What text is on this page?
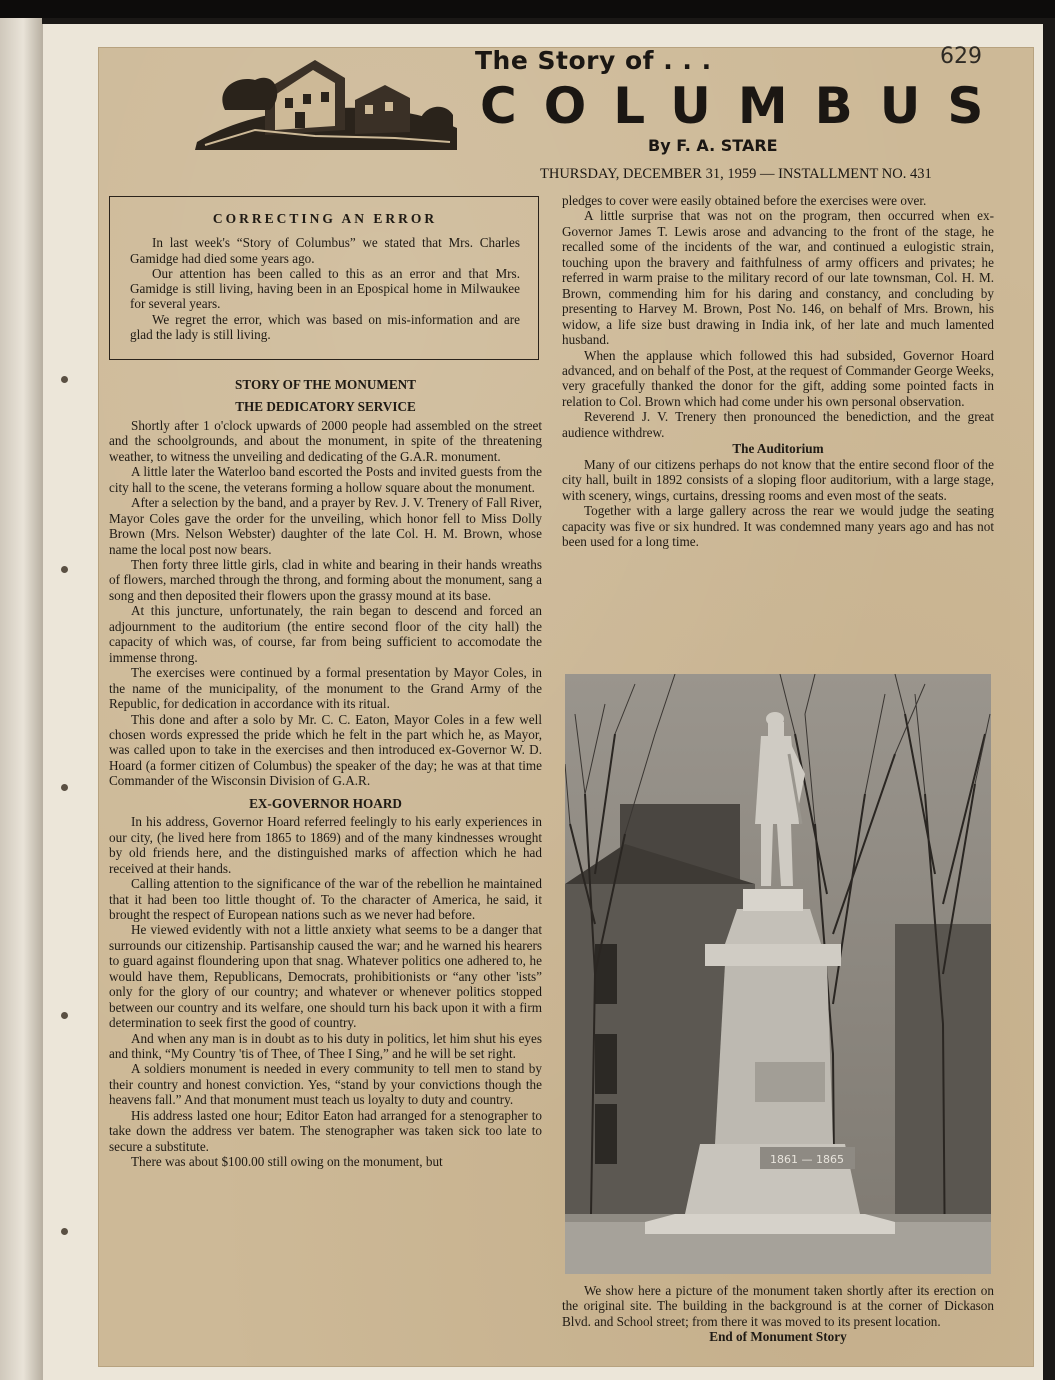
629
The Story of . . .
COLUMBUS
By F. A. STARE
THURSDAY, DECEMBER 31, 1959 — INSTALLMENT NO. 431
CORRECTING AN ERROR

In last week's “Story of Columbus” we stated that Mrs. Charles Gamidge had died some years ago.

Our attention has been called to this as an error and that Mrs. Gamidge is still living, having been in an Epospical home in Milwaukee for several years.

We regret the error, which was based on mis-information and are glad the lady is still living.

STORY OF THE MONUMENT

THE DEDICATORY SERVICE

Shortly after 1 o'clock upwards of 2000 people had assembled on the street and the schoolgrounds, and about the monument, in spite of the threatening weather, to witness the unveiling and dedicating of the G.A.R. monument.

A little later the Waterloo band escorted the Posts and invited guests from the city hall to the scene, the veterans forming a hollow square about the monument.

After a selection by the band, and a prayer by Rev. J. V. Trenery of Fall River, Mayor Coles gave the order for the unveiling, which honor fell to Miss Dolly Brown (Mrs. Nelson Webster) daughter of the late Col. H. M. Brown, whose name the local post now bears.

Then forty three little girls, clad in white and bearing in their hands wreaths of flowers, marched through the throng, and forming about the monument, sang a song and then deposited their flowers upon the grassy mound at its base.

At this juncture, unfortunately, the rain began to descend and forced an adjournment to the auditorium (the entire second floor of the city hall) the capacity of which was, of course, far from being sufficient to accomodate the immense throng.

The exercises were continued by a formal presentation by Mayor Coles, in the name of the municipality, of the monument to the Grand Army of the Republic, for dedication in accordance with its ritual.

This done and after a solo by Mr. C. C. Eaton, Mayor Coles in a few well chosen words expressed the pride which he felt in the part which he, as Mayor, was called upon to take in the exercises and then introduced ex-Governor W. D. Hoard (a former citizen of Columbus) the speaker of the day; he was at that time Commander of the Wisconsin Division of G.A.R.

EX-GOVERNOR HOARD

In his address, Governor Hoard referred feelingly to his early experiences in our city, (he lived here from 1865 to 1869) and of the many kindnesses wrought by old friends here, and the distinguished marks of affection which he had received at their hands.

Calling attention to the significance of the war of the rebellion he maintained that it had been too little thought of. To the character of America, he said, it brought the respect of European nations such as we never had before.

He viewed evidently with not a little anxiety what seems to be a danger that surrounds our citizenship. Partisanship caused the war; and he warned his hearers to guard against floundering upon that snag. Whatever politics one adhered to, he would have them, Republicans, Democrats, prohibitionists or “any other 'ists” only for the glory of our country; and whatever or whenever politics stopped between our country and its welfare, one should turn his back upon it with a firm determination to seek first the good of country.

And when any man is in doubt as to his duty in politics, let him shut his eyes and think, “My Country 'tis of Thee, of Thee I Sing,” and he will be set right.

A soldiers monument is needed in every community to tell men to stand by their country and honest conviction. Yes, “stand by your convictions though the heavens fall.” And that monument must teach us loyalty to duty and country.

His address lasted one hour; Editor Eaton had arranged for a stenographer to take down the address ver batem. The stenographer was taken sick too late to secure a substitute.

There was about $100.00 still owing on the monument, but

pledges to cover were easily obtained before the exercises were over.

A little surprise that was not on the program, then occurred when ex-Governor James T. Lewis arose and advancing to the front of the stage, he recalled some of the incidents of the war, and continued a eulogistic strain, touching upon the bravery and faithfulness of army officers and privates; he referred in warm praise to the military record of our late townsman, Col. H. M. Brown, commending him for his daring and constancy, and concluding by presenting to Harvey M. Brown, Post No. 146, on behalf of Mrs. Brown, his widow, a life size bust drawing in India ink, of her late and much lamented husband.

When the applause which followed this had subsided, Governor Hoard advanced, and on behalf of the Post, at the request of Commander George Weeks, very gracefully thanked the donor for the gift, adding some pointed facts in relation to Col. Brown which had come under his own personal observation.

Reverend J. V. Trenery then pronounced the benediction, and the great audience withdrew.

The Auditorium

Many of our citizens perhaps do not know that the entire second floor of the city hall, built in 1892 consists of a sloping floor auditorium, with a large stage, with scenery, wings, curtains, dressing rooms and even most of the seats.

Together with a large gallery across the rear we would judge the seating capacity was five or six hundred. It was condemned many years ago and has not been used for a long time.

1861 — 1865

We show here a picture of the monument taken shortly after its erection on the original site. The building in the background is at the corner of Dickason Blvd. and School street; from there it was moved to its present location.

End of Monument Story
